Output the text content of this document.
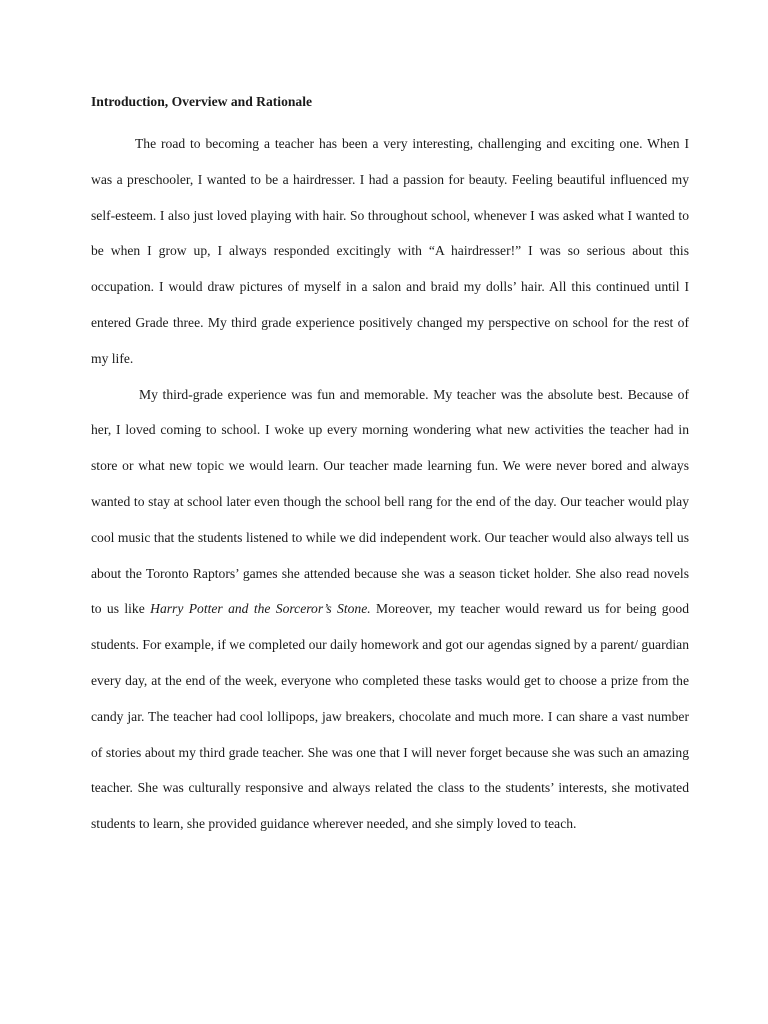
Introduction, Overview and Rationale

The road to becoming a teacher has been a very interesting, challenging and exciting one. When I was a preschooler, I wanted to be a hairdresser. I had a passion for beauty. Feeling beautiful influenced my self-esteem. I also just loved playing with hair. So throughout school, whenever I was asked what I wanted to be when I grow up, I always responded excitingly with “A hairdresser!” I was so serious about this occupation. I would draw pictures of myself in a salon and braid my dolls’ hair. All this continued until I entered Grade three. My third grade experience positively changed my perspective on school for the rest of my life.

My third-grade experience was fun and memorable. My teacher was the absolute best. Because of her, I loved coming to school. I woke up every morning wondering what new activities the teacher had in store or what new topic we would learn. Our teacher made learning fun. We were never bored and always wanted to stay at school later even though the school bell rang for the end of the day. Our teacher would play cool music that the students listened to while we did independent work. Our teacher would also always tell us about the Toronto Raptors’ games she attended because she was a season ticket holder. She also read novels to us like Harry Potter and the Sorceror’s Stone. Moreover, my teacher would reward us for being good students. For example, if we completed our daily homework and got our agendas signed by a parent/ guardian every day, at the end of the week, everyone who completed these tasks would get to choose a prize from the candy jar. The teacher had cool lollipops, jaw breakers, chocolate and much more. I can share a vast number of stories about my third grade teacher. She was one that I will never forget because she was such an amazing teacher. She was culturally responsive and always related the class to the students’ interests, she motivated students to learn, she provided guidance wherever needed, and she simply loved to teach.
